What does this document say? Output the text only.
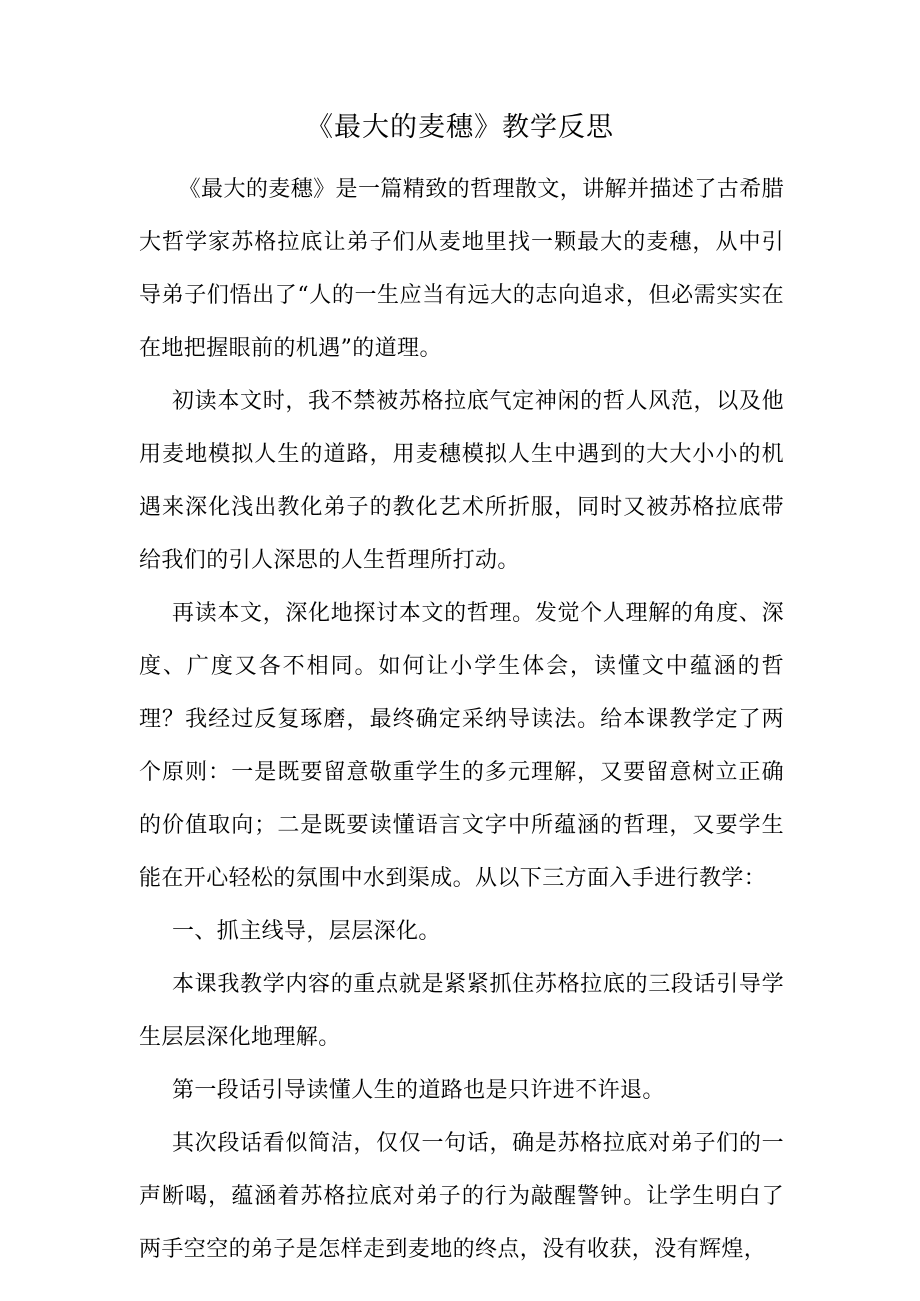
《最大的麦穗》教学反思

《最大的麦穗》是一篇精致的哲理散文，讲解并描述了古希腊大哲学家苏格拉底让弟子们从麦地里找一颗最大的麦穗，从中引导弟子们悟出了“人的一生应当有远大的志向追求，但必需实实在在地把握眼前的机遇”的道理。

初读本文时，我不禁被苏格拉底气定神闲的哲人风范，以及他用麦地模拟人生的道路，用麦穗模拟人生中遇到的大大小小的机遇来深化浅出教化弟子的教化艺术所折服，同时又被苏格拉底带给我们的引人深思的人生哲理所打动。

再读本文，深化地探讨本文的哲理。发觉个人理解的角度、深度、广度又各不相同。如何让小学生体会，读懂文中蕴涵的哲理？我经过反复琢磨，最终确定采纳导读法。给本课教学定了两个原则：一是既要留意敬重学生的多元理解，又要留意树立正确的价值取向；二是既要读懂语言文字中所蕴涵的哲理，又要学生能在开心轻松的氛围中水到渠成。从以下三方面入手进行教学：

一、抓主线导，层层深化。

本课我教学内容的重点就是紧紧抓住苏格拉底的三段话引导学生层层深化地理解。

第一段话引导读懂人生的道路也是只许进不许退。

其次段话看似简洁，仅仅一句话，确是苏格拉底对弟子们的一声断喝，蕴涵着苏格拉底对弟子的行为敲醒警钟。让学生明白了两手空空的弟子是怎样走到麦地的终点，没有收获，没有辉煌，
